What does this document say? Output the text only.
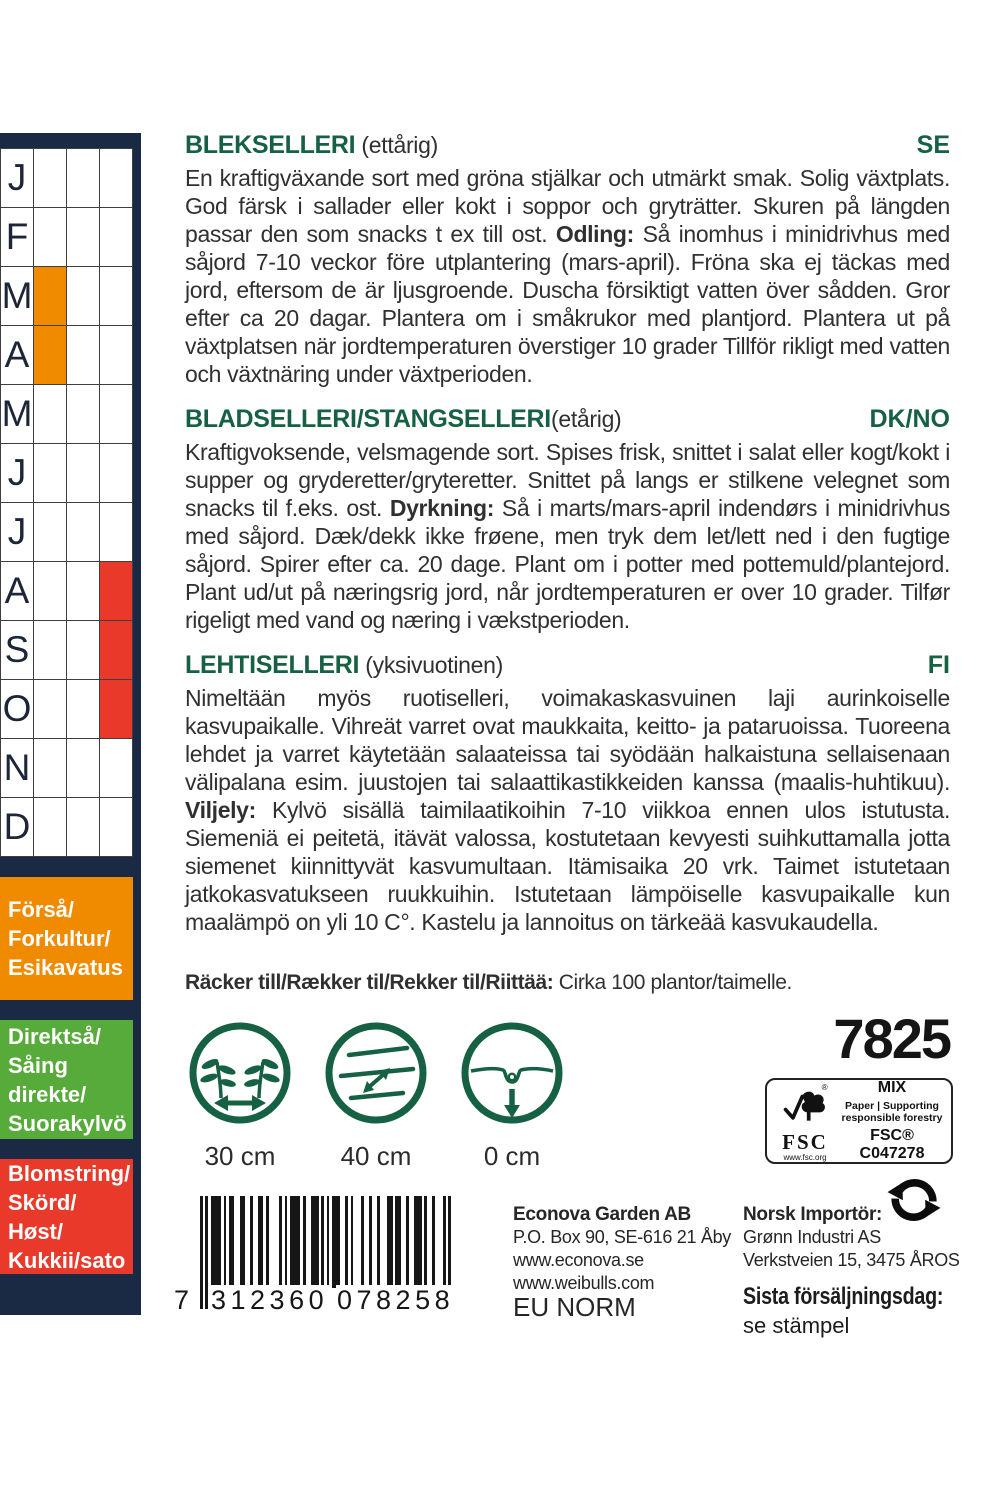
J
F
M
A
M
J
J
A
S
O
N
D
Förså/
Forkultur/
Esikavatus
Direktså/
Såing
direkte/
Suorakylvö
Blomstring/
Skörd/
Høst/
Kukkii/sato
BLEKSELLERI (ettårig)	SE

En kraftigväxande sort med gröna stjälkar och utmärkt smak. Solig växtplats. God färsk i sallader eller kokt i soppor och gryträtter. Skuren på längden passar den som snacks t ex till ost. Odling: Så inomhus i minidrivhus med såjord 7-10 veckor före utplantering (mars-april). Fröna ska ej täckas med jord, eftersom de är ljusgroende. Duscha försiktigt vatten över sådden. Gror efter ca 20 dagar. Plantera om i småkrukor med plantjord. Plantera ut på växtplatsen när jordtemperaturen överstiger 10 grader Tillför rikligt med vatten och växtnäring under växtperioden.

BLADSELLERI/STANGSELLERI(etårig)	DK/NO

Kraftigvoksende, velsmagende sort. Spises frisk, snittet i salat eller kogt/kokt i supper og gryderetter/gryteretter. Snittet på langs er stilkene velegnet som snacks til f.eks. ost. Dyrkning: Så i marts/mars-april indendørs i minidrivhus med såjord. Dæk/dekk ikke frøene, men tryk dem let/lett ned i den fugtige såjord. Spirer efter ca. 20 dage. Plant om i potter med pottemuld/plantejord. Plant ud/ut på næringsrig jord, når jordtemperaturen er over 10 grader. Tilfør rigeligt med vand og næring i vækstperioden.

LEHTISELLERI (yksivuotinen)	FI

Nimeltään myös ruotiselleri, voimakaskasvuinen laji aurinkoiselle kasvupaikalle. Vihreät varret ovat maukkaita, keitto- ja pataruoissa. Tuoreena lehdet ja varret käytetään salaateissa tai syödään halkaistuna sellaisenaan välipalana esim. juustojen tai salaattikastikkeiden kanssa (maalis-huhtikuu). Viljely: Kylvö sisällä taimilaatikoihin 7-10 viikkoa ennen ulos istutusta. Siemeniä ei peitetä, itävät valossa, kostutetaan kevyesti suihkuttamalla jotta siemenet kiinnittyvät kasvumultaan. Itämisaika 20 vrk. Taimet istutetaan jatkokasvatukseen ruukkuihin. Istutetaan lämpöiselle kasvupaikalle kun maalämpö on yli 10 C°. Kastelu ja lannoitus on tärkeää kasvukaudella.

Räcker till/Rækker til/Rekker til/Riittää: Cirka 100 plantor/taimelle.

30 cm	40 cm	0 cm
7825
®
FSC
www.fsc.org
MIX
Paper | Supporting
responsible forestry
FSC® C047278
7 312360 078258
Econova Garden AB
P.O. Box 90, SE-616 21 Åby
www.econova.se
www.weibulls.com
EU NORM
Norsk Importör:
Grønn Industri AS
Verkstveien 15, 3475 ÅROS
Sista försäljningsdag:
se stämpel
